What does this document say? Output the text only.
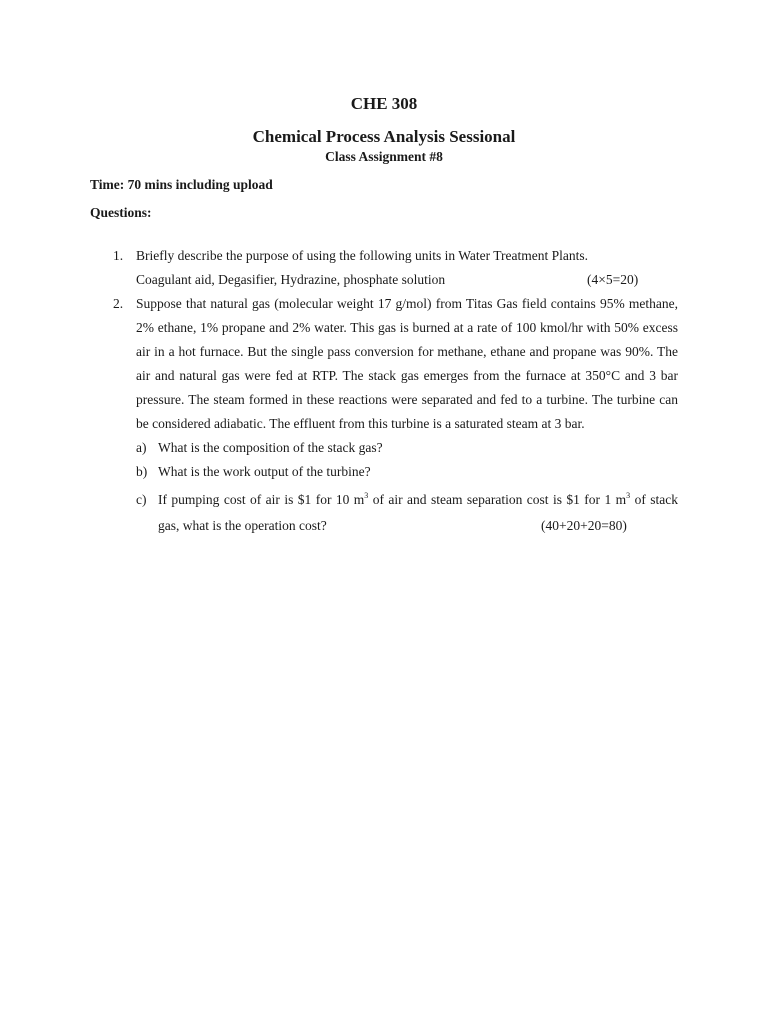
CHE 308
Chemical Process Analysis Sessional
Class Assignment #8
Time: 70 mins including upload
Questions:
1. Briefly describe the purpose of using the following units in Water Treatment Plants.
Coagulant aid, Degasifier, Hydrazine, phosphate solution	(4×5=20)
2. Suppose that natural gas (molecular weight 17 g/mol) from Titas Gas field contains 95% methane,
2% ethane, 1% propane and 2% water. This gas is burned at a rate of 100 kmol/hr with 50% excess
air in a hot furnace. But the single pass conversion for methane, ethane and propane was 90%. The
air and natural gas were fed at RTP. The stack gas emerges from the furnace at 350°C and 3 bar
pressure. The steam formed in these reactions were separated and fed to a turbine. The turbine can
be considered adiabatic. The effluent from this turbine is a saturated steam at 3 bar.
a) What is the composition of the stack gas?
b) What is the work output of the turbine?
c) If pumping cost of air is $1 for 10 $m^3$ of air and steam separation cost is $1 for 1 $m^3$ of stack
gas, what is the operation cost?	(40+20+20=80)
